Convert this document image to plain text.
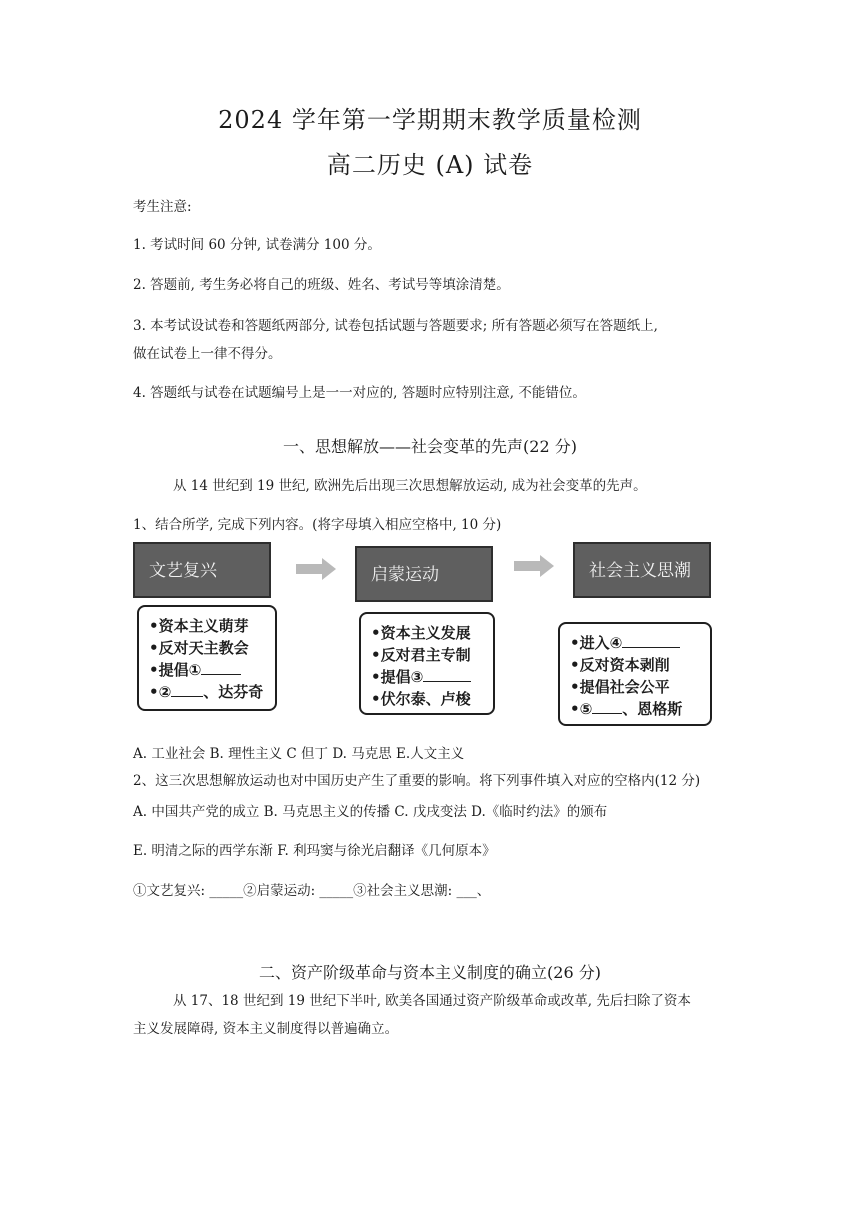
2024 学年第一学期期末教学质量检测
高二历史 (A) 试卷
考生注意:
1. 考试时间 60 分钟, 试卷满分 100 分。
2. 答题前, 考生务必将自己的班级、姓名、考试号等填涂清楚。
3. 本考试设试卷和答题纸两部分, 试卷包括试题与答题要求; 所有答题必须写在答题纸上,
做在试卷上一律不得分。
4. 答题纸与试卷在试题编号上是一一对应的, 答题时应特别注意, 不能错位。
一、思想解放——社会变革的先声(22 分)
从 14 世纪到 19 世纪, 欧洲先后出现三次思想解放运动, 成为社会变革的先声。
1、结合所学, 完成下列内容。(将字母填入相应空格中, 10 分)
文艺复兴	启蒙运动	社会主义思潮
•资本主义萌芽
•反对天主教会
•提倡①
•② 、达芬奇
•资本主义发展
•反对君主专制
•提倡③
•伏尔泰、卢梭
•进入④
•反对资本剥削
•提倡社会公平
•⑤ 、恩格斯
A. 工业社会 B. 理性主义 C 但丁 D. 马克思 E.人文主义
2、这三次思想解放运动也对中国历史产生了重要的影响。将下列事件填入对应的空格内(12 分)
A. 中国共产党的成立 B. 马克思主义的传播 C. 戊戌变法 D.《临时约法》的颁布
E. 明清之际的西学东渐 F. 利玛窦与徐光启翻译《几何原本》
①文艺复兴: _____②启蒙运动: _____③社会主义思潮: ___、
二、资产阶级革命与资本主义制度的确立(26 分)
从 17、18 世纪到 19 世纪下半叶, 欧美各国通过资产阶级革命或改革, 先后扫除了资本
主义发展障碍, 资本主义制度得以普遍确立。
